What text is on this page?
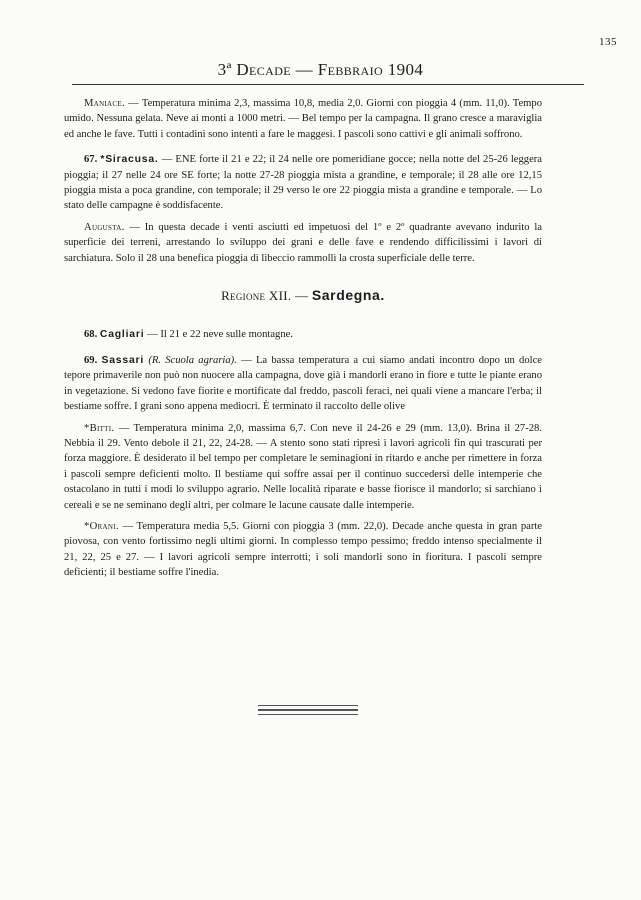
135
3ª Decade — Febbraio 1904

Maniace. — Temperatura minima 2,3, massima 10,8, media 2,0. Giorni con pioggia 4 (mm. 11,0). Tempo umido. Nessuna gelata. Neve ai monti a 1000 metri. — Bel tempo per la campagna. Il grano cresce a maraviglia ed anche le fave. Tutti i contadini sono intenti a fare le maggesi. I pascoli sono cattivi e gli animali soffrono.

67. *Siracusa. — ENE forte il 21 e 22; il 24 nelle ore pomeridiane gocce; nella notte del 25-26 leggera pioggia; il 27 nelle 24 ore SE forte; la notte 27-28 pioggia mista a grandine, e temporale; il 28 alle ore 12,15 pioggia mista a poca grandine, con temporale; il 29 verso le ore 22 pioggia mista a grandine e temporale. — Lo stato delle campagne è soddisfacente.

Augusta. — In questa decade i venti asciutti ed impetuosi del 1º e 2º quadrante avevano indurito la superficie dei terreni, arrestando lo sviluppo dei grani e delle fave e rendendo difficilissimi i lavori di sarchiatura. Solo il 28 una benefica pioggia di libeccio rammollì la crosta superficiale delle terre.

Regione XII. — Sardegna.

68. Cagliari — Il 21 e 22 neve sulle montagne.

69. Sassari (R. Scuola agraria). — La bassa temperatura a cui siamo andati incontro dopo un dolce tepore primaverile non può non nuocere alla campagna, dove già i mandorli erano in fiore e tutte le piante erano in vegetazione. Si vedono fave fiorite e mortificate dal freddo, pascoli feraci, nei quali viene a mancare l'erba; il bestiame soffre. I grani sono appena mediocri. È terminato il raccolto delle olive

*Bitti. — Temperatura minima 2,0, massima 6,7. Con neve il 24-26 e 29 (mm. 13,0). Brina il 27-28. Nebbia il 29. Vento debole il 21, 22, 24-28. — A stento sono stati ripresi i lavori agricoli fin qui trascurati per forza maggiore. È desiderato il bel tempo per completare le seminagioni in ritardo e anche per rimettere in forza i pascoli sempre deficienti molto. Il bestiame qui soffre assai per il continuo succedersi delle intemperie che ostacolano in tutti i modi lo sviluppo agrario. Nelle località riparate e basse fiorisce il mandorlo; si sarchiano i cereali e se ne seminano degli altri, per colmare le lacune causate dalle intemperie.

*Orani. — Temperatura media 5,5. Giorni con pioggia 3 (mm. 22,0). Decade anche questa in gran parte piovosa, con vento fortissimo negli ultimi giorni. In complesso tempo pessimo; freddo intenso specialmente il 21, 22, 25 e 27. — I lavori agricoli sempre interrotti; i soli mandorli sono in fioritura. I pascoli sempre deficienti; il bestiame soffre l'inedia.
